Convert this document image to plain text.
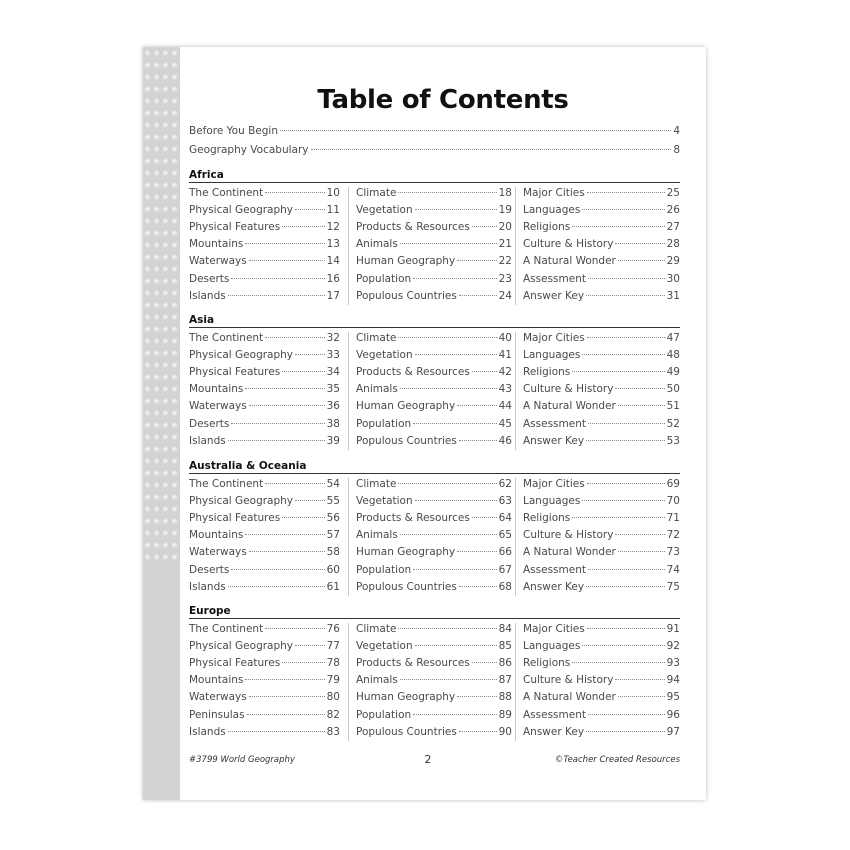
Table of Contents
Before You Begin	4
Geography Vocabulary	8
Africa
The Continent	10
Physical Geography	11
Physical Features	12
Mountains	13
Waterways	14
Deserts	16
Islands	17
Climate	18
Vegetation	19
Products & Resources	20
Animals	21
Human Geography	22
Population	23
Populous Countries	24
Major Cities	25
Languages	26
Religions	27
Culture & History	28
A Natural Wonder	29
Assessment	30
Answer Key	31
Asia
The Continent	32
Physical Geography	33
Physical Features	34
Mountains	35
Waterways	36
Deserts	38
Islands	39
Climate	40
Vegetation	41
Products & Resources	42
Animals	43
Human Geography	44
Population	45
Populous Countries	46
Major Cities	47
Languages	48
Religions	49
Culture & History	50
A Natural Wonder	51
Assessment	52
Answer Key	53
Australia & Oceania
The Continent	54
Physical Geography	55
Physical Features	56
Mountains	57
Waterways	58
Deserts	60
Islands	61
Climate	62
Vegetation	63
Products & Resources	64
Animals	65
Human Geography	66
Population	67
Populous Countries	68
Major Cities	69
Languages	70
Religions	71
Culture & History	72
A Natural Wonder	73
Assessment	74
Answer Key	75
Europe
The Continent	76
Physical Geography	77
Physical Features	78
Mountains	79
Waterways	80
Peninsulas	82
Islands	83
Climate	84
Vegetation	85
Products & Resources	86
Animals	87
Human Geography	88
Population	89
Populous Countries	90
Major Cities	91
Languages	92
Religions	93
Culture & History	94
A Natural Wonder	95
Assessment	96
Answer Key	97
#3799 World Geography	2	©Teacher Created Resources
